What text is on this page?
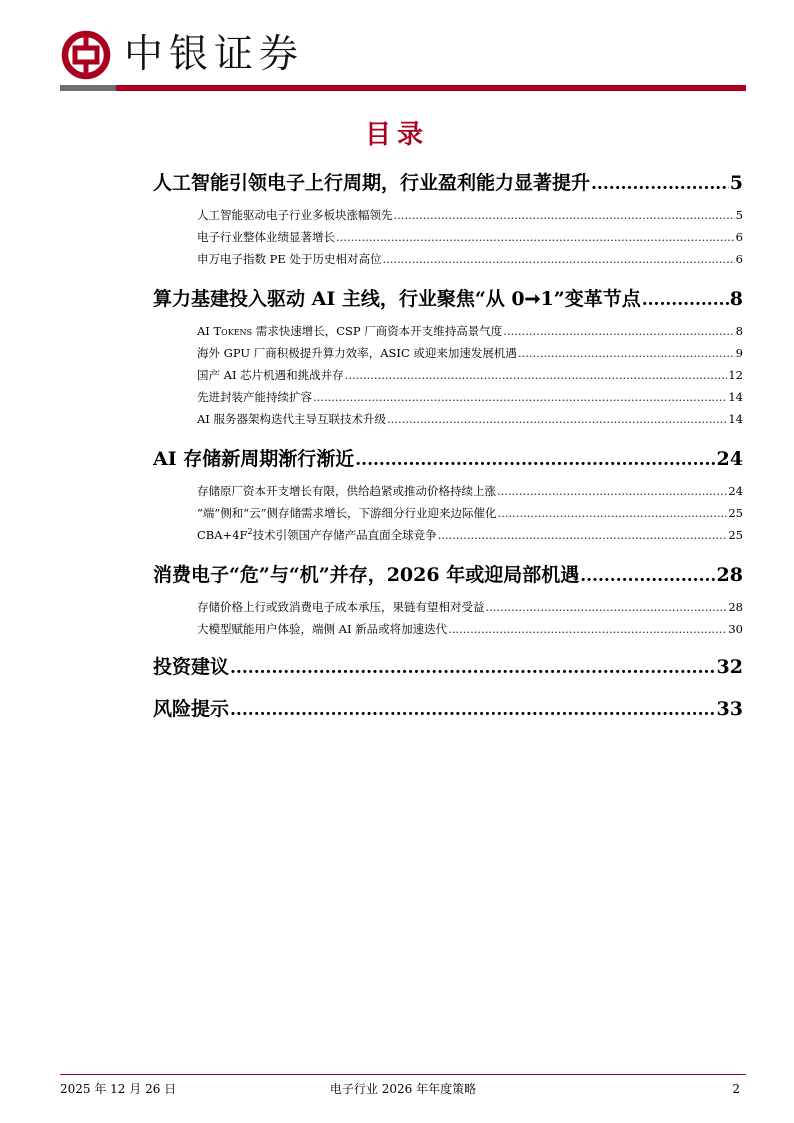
中银证券
目录
人工智能引领电子上行周期，行业盈利能力显著提升 .....	5
人工智能驱动电子行业多板块涨幅领先 .....	5
电子行业整体业绩显著增长 .....	6
申万电子指数 PE 处于历史相对高位 .....	6
算力基建投入驱动 AI 主线，行业聚焦“从 0➞1”变革节点 .....	8
AI Tokens 需求快速增长，CSP 厂商资本开支维持高景气度 .....	8
海外 GPU 厂商积极提升算力效率，ASIC 或迎来加速发展机遇 .....	9
国产 AI 芯片机遇和挑战并存 .....	12
先进封装产能持续扩容 .....	14
AI 服务器架构迭代主导互联技术升级 .....	14
AI 存储新周期渐行渐近 .....	24
存储原厂资本开支增长有限，供给趋紧或推动价格持续上涨 .....	24
“端”侧和“云”侧存储需求增长，下游细分行业迎来边际催化 .....	25
$CBA+4F^2$技术引领国产存储产品直面全球竞争 .....	25
消费电子“危”与“机”并存，2026 年或迎局部机遇 .....	28
存储价格上行或致消费电子成本承压，果链有望相对受益 .....	28
大模型赋能用户体验，端侧 AI 新品或将加速迭代 .....	30
投资建议 .....	32
风险提示 .....	33
2025 年 12 月 26 日	电子行业 2026 年年度策略	2
